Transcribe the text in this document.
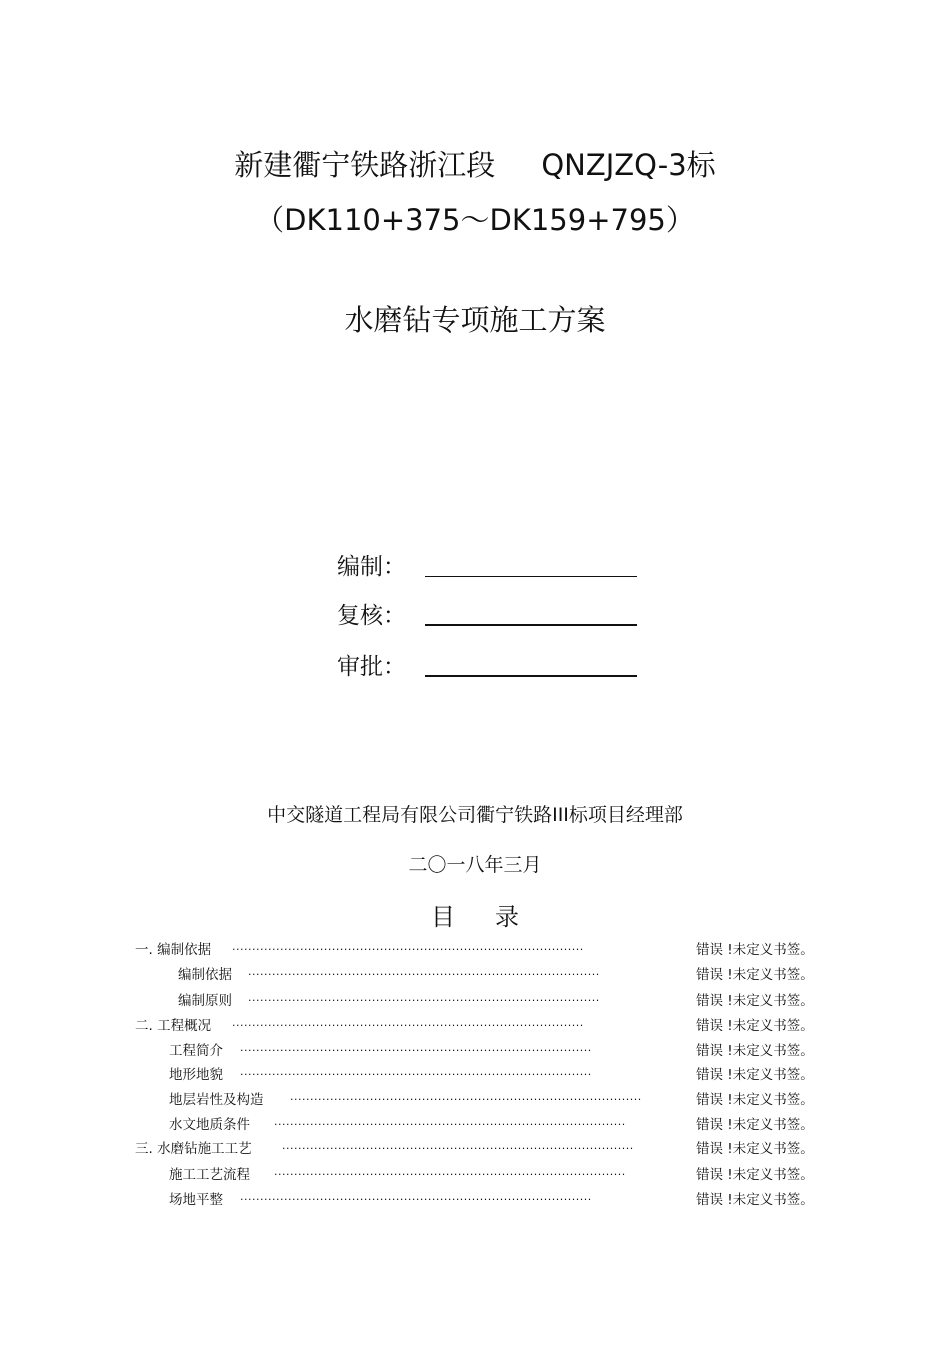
新建衢宁铁路浙江段 QNZJZQ-3标
（DK110+375～DK159+795）
水磨钻专项施工方案
编制：
复核：
审批：
中交隧道工程局有限公司衢宁铁路III标项目经理部
二〇一八年三月
目 录
一. 编制依据 ........................................................................................	错误 !未定义书签。
编制依据 ........................................................................................	错误 !未定义书签。
编制原则 ........................................................................................	错误 !未定义书签。
二. 工程概况 ........................................................................................	错误 !未定义书签。
工程简介 ........................................................................................	错误 !未定义书签。
地形地貌 ........................................................................................	错误 !未定义书签。
地层岩性及构造 ........................................................................................	错误 !未定义书签。
水文地质条件 ........................................................................................	错误 !未定义书签。
三. 水磨钻施工工艺	........................................................................................	错误 !未定义书签。
施工工艺流程 ........................................................................................	错误 !未定义书签。
场地平整 ........................................................................................	错误 !未定义书签。
